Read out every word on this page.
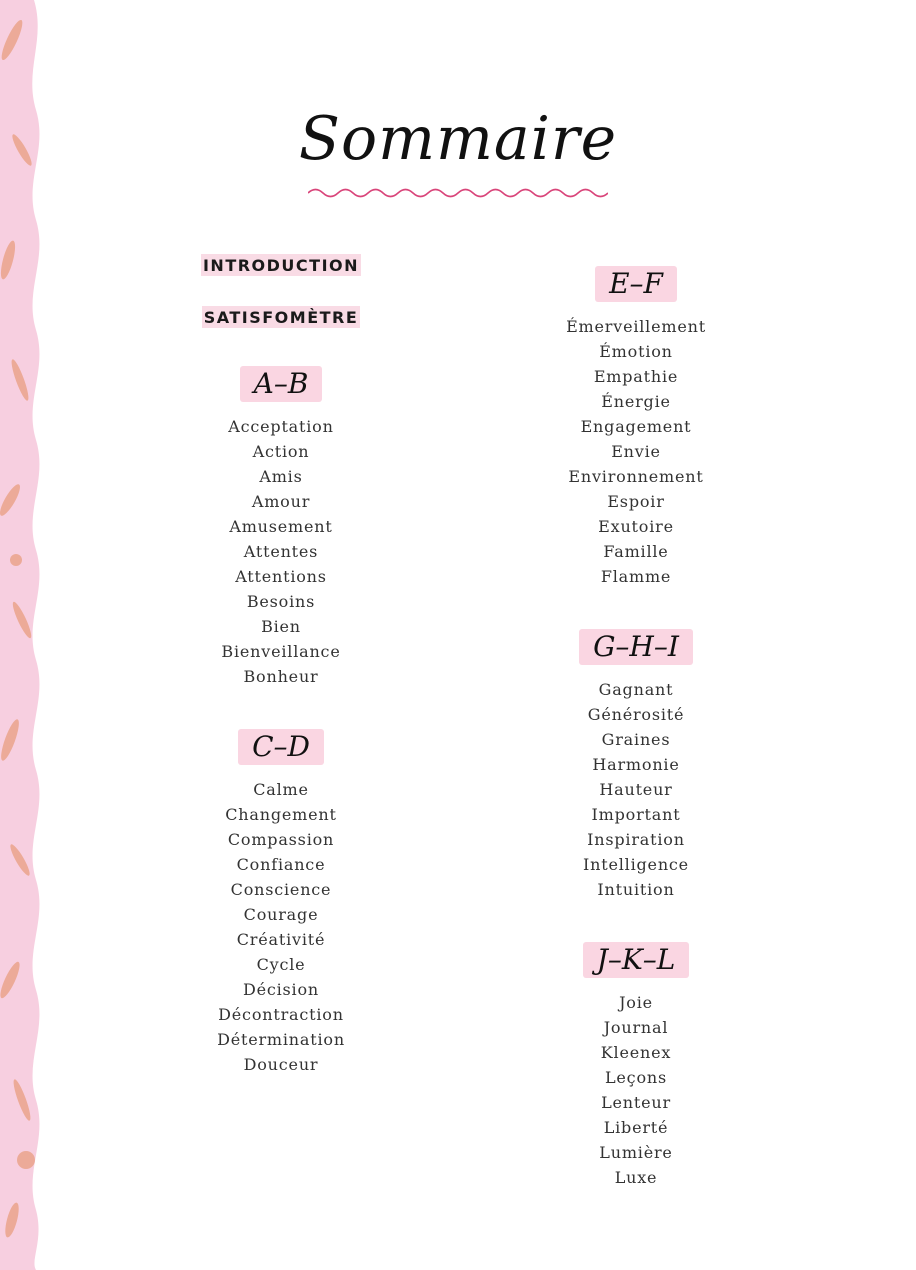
Sommaire
INTRODUCTION
SATISFOMÈTRE
A–B
Acceptation
Action
Amis
Amour
Amusement
Attentes
Attentions
Besoins
Bien
Bienveillance
Bonheur
C–D
Calme
Changement
Compassion
Confiance
Conscience
Courage
Créativité
Cycle
Décision
Décontraction
Détermination
Douceur
E–F
Émerveillement
Émotion
Empathie
Énergie
Engagement
Envie
Environnement
Espoir
Exutoire
Famille
Flamme
G–H–I
Gagnant
Générosité
Graines
Harmonie
Hauteur
Important
Inspiration
Intelligence
Intuition
J–K–L
Joie
Journal
Kleenex
Leçons
Lenteur
Liberté
Lumière
Luxe
